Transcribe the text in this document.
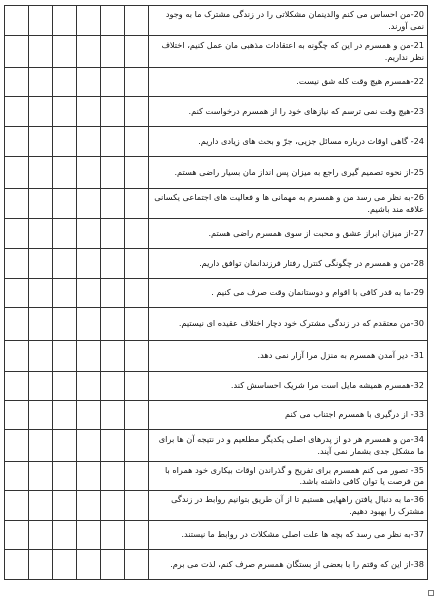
						20-من احساس می کنم والدینمان مشکلاتی را در زندگی مشترک ما به وجود نمی آورند.
						21-من و همسرم در این که چگونه به اعتقادات مذهبی مان عمل کنیم، اختلاف نظر نداریم.
						22-همسرم هیچ وقت کله شق نیست.
						23-هیچ وقت نمی ترسم که نیازهای خود را از همسرم درخواست کنم.
						24- گاهی اوقات درباره مسائل جزیی، جرّ و بحث های زیادی داریم.
						25-از نحوه تصمیم گیری راجع به میزان پس انداز مان بسیار راضی هستم.
						26-به نظر می رسد من و همسرم به مهمانی ها و فعالیت های اجتماعی یکسانی علاقه مند باشیم.
						27-از میزان ابراز عشق و محبت از سوی همسرم راضی هستم.
						28-من و همسرم در چگونگی کنترل رفتار فرزندانمان توافق داریم.
						29-ما به قدر کافی با اقوام و دوستانمان وقت صرف می کنیم .
						30-من معتقدم که در زندگی مشترک خود دچار اختلاف عقیده ای نیستیم.
						31- دیر آمدن همسرم به منزل مرا آزار نمی دهد.
						32-همسرم همیشه مایل است مرا شریک احساسش کند.
						33- از درگیری با همسرم اجتناب می کنم
						34-من و همسرم هر دو از پدرهای اصلی یکدیگر مطلعیم و در نتیجه آن ها برای ما مشکل جدی بشمار نمی آیند.
						35- تصور می کنم همسرم برای تفریح و گذراندن اوقات بیکاری خود همراه با من فرصت یا توان کافی داشته باشد.
						36-ما به دنبال یافتن راههایی هستیم تا از آن طریق بتوانیم روابط در زندگی مشترک را بهبود دهیم.
						37-به نظر می رسد که بچه ها علت اصلی مشکلات در روابط ما نیستند.
						38-از این که وقتم را با بعضی از بستگان همسرم صرف کنم، لذت می برم.
